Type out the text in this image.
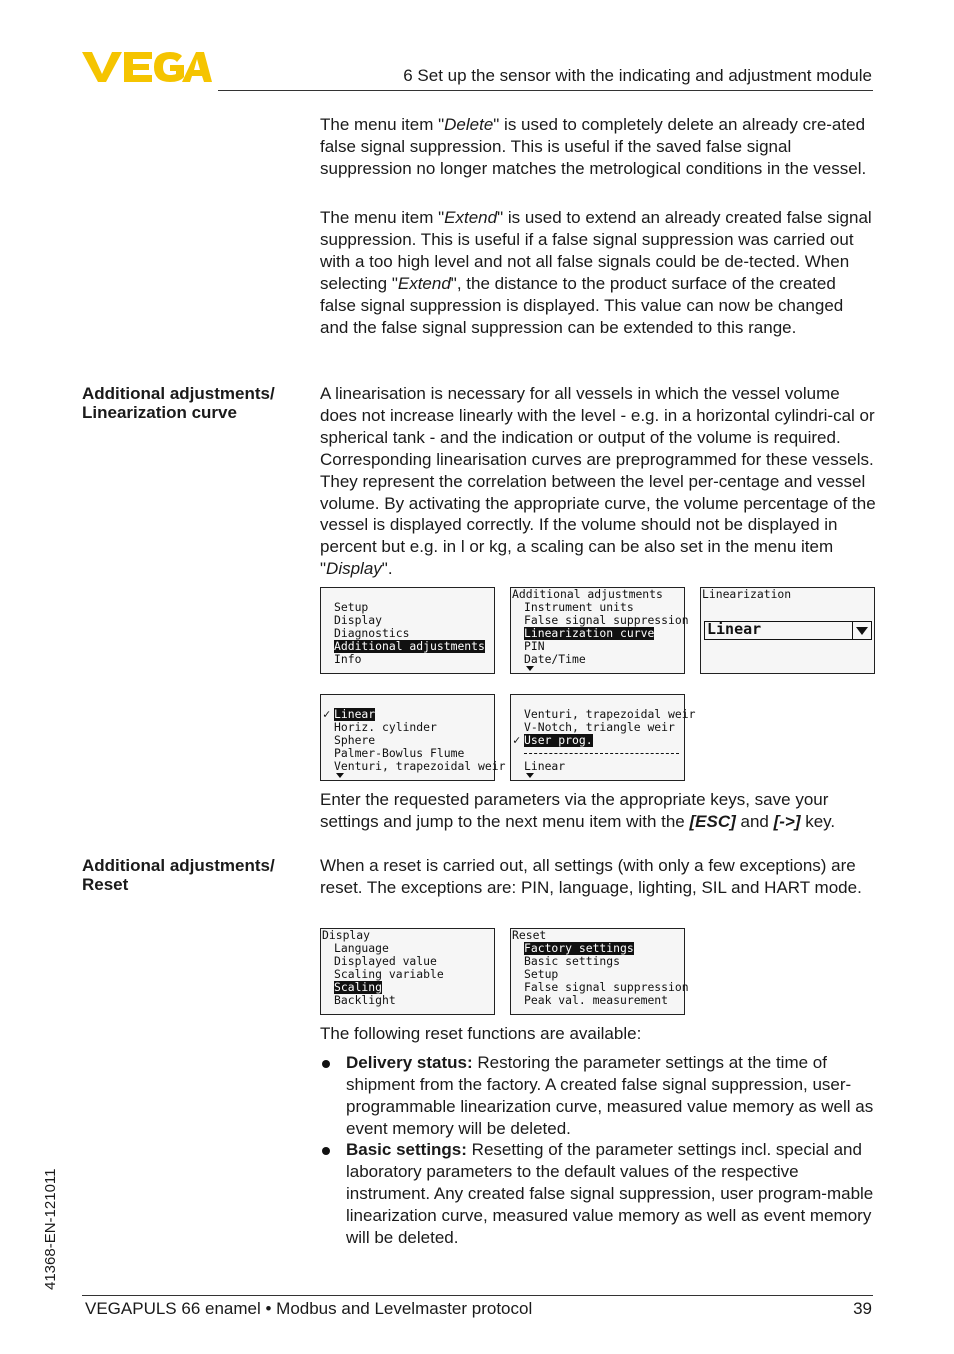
6 Set up the sensor with the indicating and adjustment module

The menu item "Delete" is used to completely delete an already cre-ated false signal suppression. This is useful if the saved false signal suppression no longer matches the metrological conditions in the vessel.

The menu item "Extend" is used to extend an already created false signal suppression. This is useful if a false signal suppression was carried out with a too high level and not all false signals could be de-tected. When selecting "Extend", the distance to the product surface of the created false signal suppression is displayed. This value can now be changed and the false signal suppression can be extended to this range.

Additional adjustments/

Linearization curve

A linearisation is necessary for all vessels in which the vessel volume does not increase linearly with the level - e.g. in a horizontal cylindri-cal or spherical tank - and the indication or output of the volume is required. Corresponding linearisation curves are preprogrammed for these vessels. They represent the correlation between the level per-centage and vessel volume. By activating the appropriate curve, the volume percentage of the vessel is displayed correctly. If the volume should not be displayed in percent but e.g. in l or kg, a scaling can be also set in the menu item "Display".

Setup
Display
Diagnostics
Additional adjustments
Info
Additional adjustments
Instrument units
False signal suppression
Linearization curve
PIN
Date/Time
Linearization
Linear
✓ Linear
Horiz. cylinder
Sphere
Palmer-Bowlus Flume
Venturi, trapezoidal weir
Venturi, trapezoidal weir
V-Notch, triangle weir
✓ User prog.
Linear

Enter the requested parameters via the appropriate keys, save your settings and jump to the next menu item with the [ESC] and [->] key.

Additional adjustments/

Reset

When a reset is carried out, all settings (with only a few exceptions) are reset. The exceptions are: PIN, language, lighting, SIL and HART mode.

Display
Language
Displayed value
Scaling variable
Scaling
Backlight
Reset
Factory settings
Basic settings
Setup
False signal suppression
Peak val. measurement

The following reset functions are available:

Delivery status: Restoring the parameter settings at the time of shipment from the factory. A created false signal suppression, user-programmable linearization curve, measured value memory as well as event memory will be deleted.
Basic settings: Resetting of the parameter settings incl. special and laboratory parameters to the default values of the respective instrument. Any created false signal suppression, user program-mable linearization curve, measured value memory as well as event memory will be deleted.
41368-EN-121011
VEGAPULS 66 enamel • Modbus and Levelmaster protocol	39
